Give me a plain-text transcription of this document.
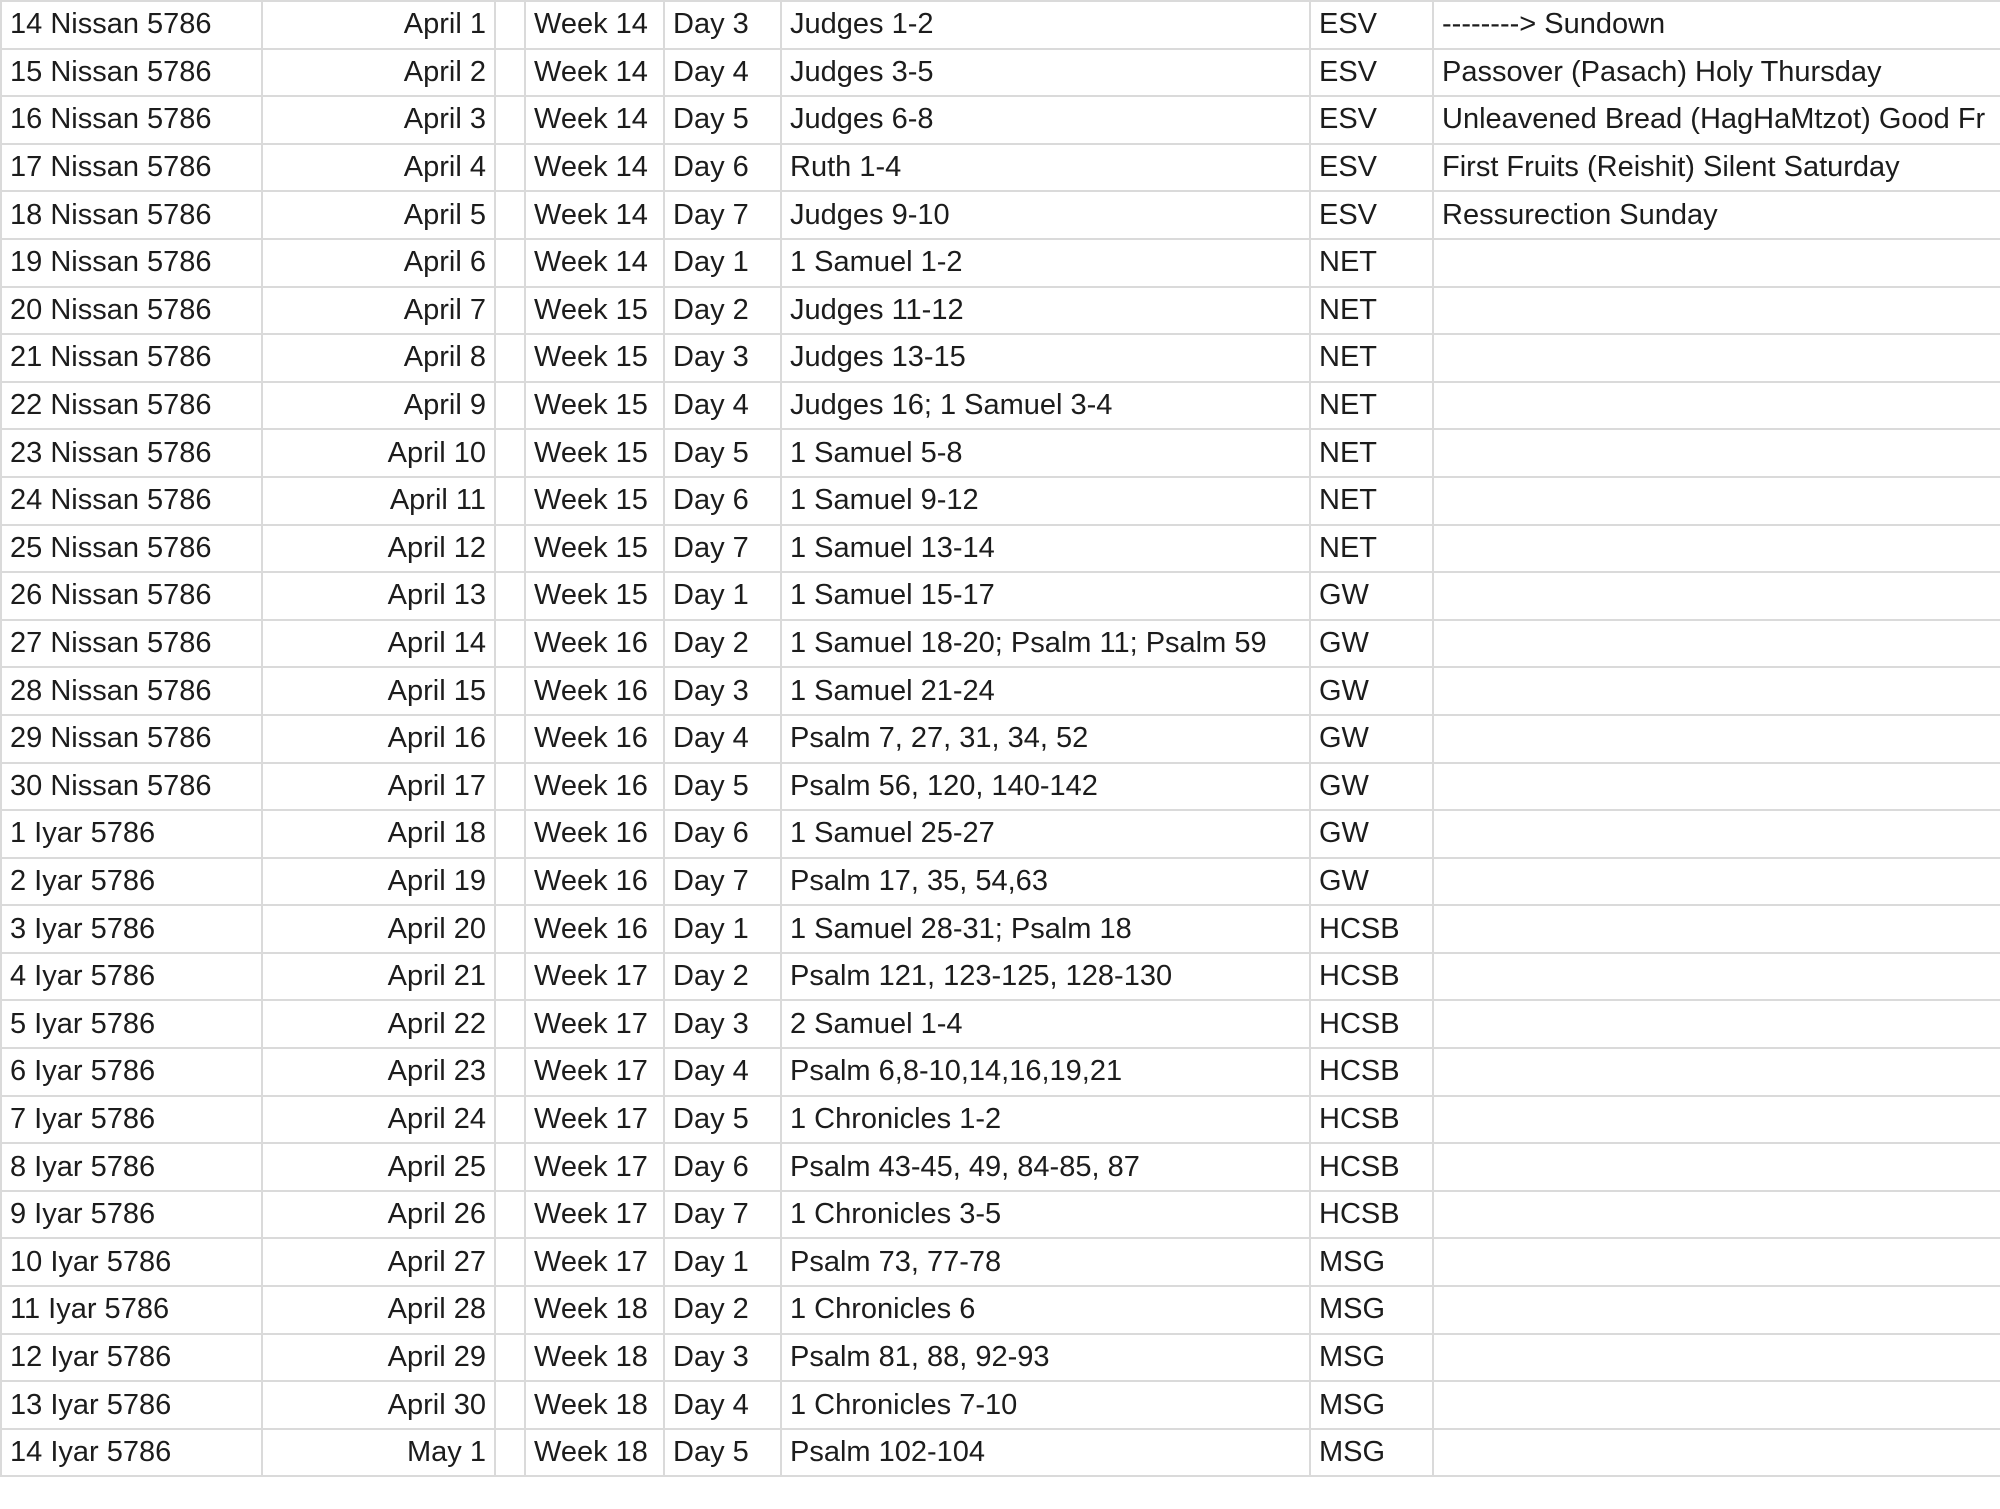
14 Nissan 5786	April 1		Week 14	Day 3	Judges 1-2	ESV	--------> Sundown
15 Nissan 5786	April 2		Week 14	Day 4	Judges 3-5	ESV	Passover (Pasach) Holy Thursday
16 Nissan 5786	April 3		Week 14	Day 5	Judges 6-8	ESV	Unleavened Bread (HagHaMtzot) Good Fr
17 Nissan 5786	April 4		Week 14	Day 6	Ruth 1-4	ESV	First Fruits (Reishit) Silent Saturday
18 Nissan 5786	April 5		Week 14	Day 7	Judges 9-10	ESV	Ressurection Sunday
19 Nissan 5786	April 6		Week 14	Day 1	1 Samuel 1-2	NET	
20 Nissan 5786	April 7		Week 15	Day 2	Judges 11-12	NET	
21 Nissan 5786	April 8		Week 15	Day 3	Judges 13-15	NET	
22 Nissan 5786	April 9		Week 15	Day 4	Judges 16; 1 Samuel 3-4	NET	
23 Nissan 5786	April 10		Week 15	Day 5	1 Samuel 5-8	NET	
24 Nissan 5786	April 11		Week 15	Day 6	1 Samuel 9-12	NET	
25 Nissan 5786	April 12		Week 15	Day 7	1 Samuel 13-14	NET	
26 Nissan 5786	April 13		Week 15	Day 1	1 Samuel 15-17	GW	
27 Nissan 5786	April 14		Week 16	Day 2	1 Samuel 18-20; Psalm 11; Psalm 59	GW	
28 Nissan 5786	April 15		Week 16	Day 3	1 Samuel 21-24	GW	
29 Nissan 5786	April 16		Week 16	Day 4	Psalm 7, 27, 31, 34, 52	GW	
30 Nissan 5786	April 17		Week 16	Day 5	Psalm 56, 120, 140-142	GW	
1 Iyar 5786	April 18		Week 16	Day 6	1 Samuel 25-27	GW	
2 Iyar 5786	April 19		Week 16	Day 7	Psalm 17, 35, 54,63	GW	
3 Iyar 5786	April 20		Week 16	Day 1	1 Samuel 28-31; Psalm 18	HCSB	
4 Iyar 5786	April 21		Week 17	Day 2	Psalm 121, 123-125, 128-130	HCSB	
5 Iyar 5786	April 22		Week 17	Day 3	2 Samuel 1-4	HCSB	
6 Iyar 5786	April 23		Week 17	Day 4	Psalm 6,8-10,14,16,19,21	HCSB	
7 Iyar 5786	April 24		Week 17	Day 5	1 Chronicles 1-2	HCSB	
8 Iyar 5786	April 25		Week 17	Day 6	Psalm 43-45, 49, 84-85, 87	HCSB	
9 Iyar 5786	April 26		Week 17	Day 7	1 Chronicles 3-5	HCSB	
10 Iyar 5786	April 27		Week 17	Day 1	Psalm 73, 77-78	MSG	
11 Iyar 5786	April 28		Week 18	Day 2	1 Chronicles 6	MSG	
12 Iyar 5786	April 29		Week 18	Day 3	Psalm 81, 88, 92-93	MSG	
13 Iyar 5786	April 30		Week 18	Day 4	1 Chronicles 7-10	MSG	
14 Iyar 5786	May 1		Week 18	Day 5	Psalm 102-104	MSG	
